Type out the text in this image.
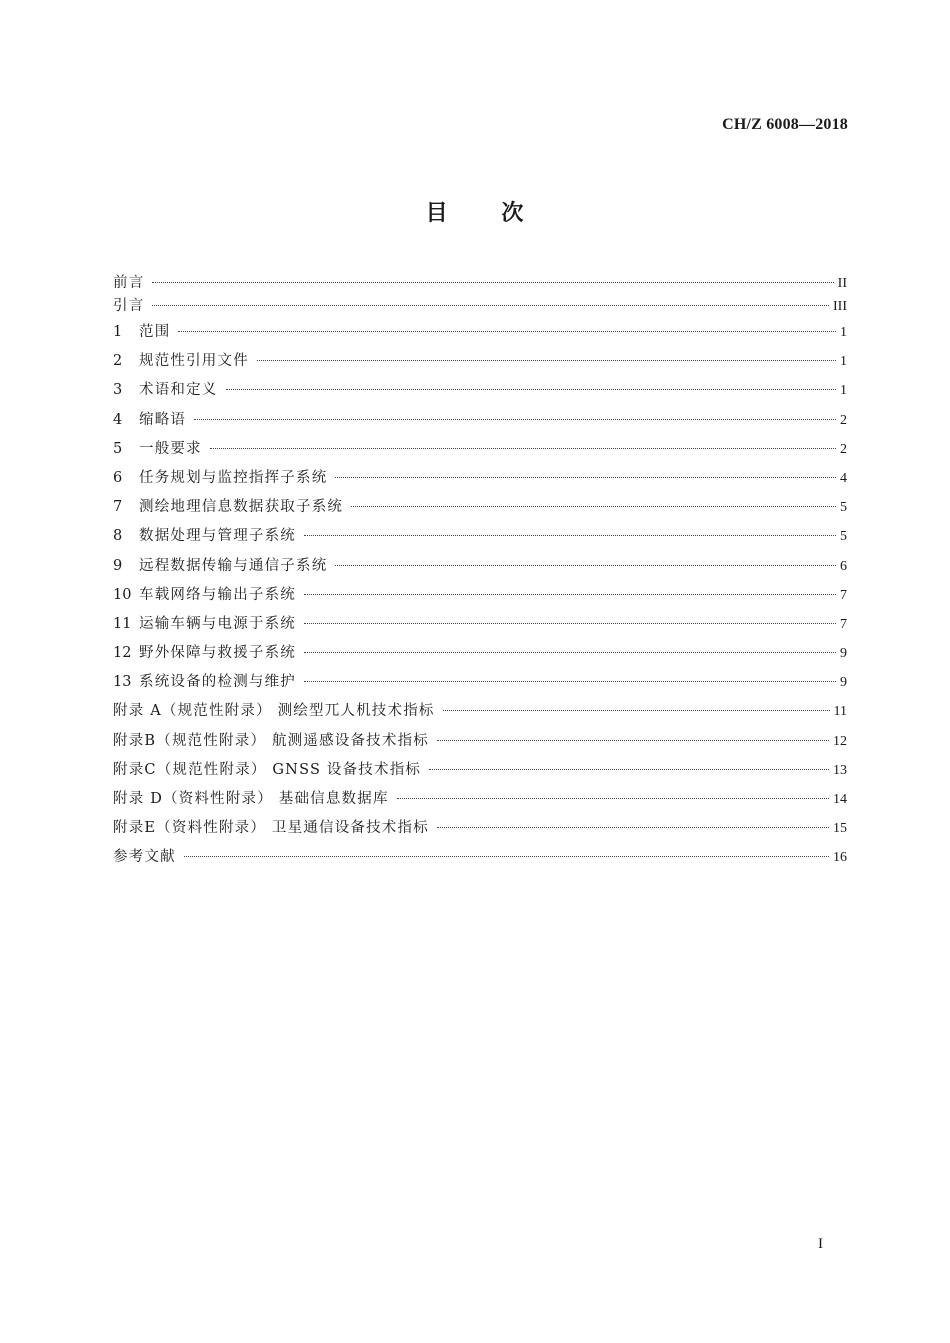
CH/Z 6008—2018
目 次
前言	II
引言	III
1	范围	1
2	规范性引用文件	1
3	术语和定义	1
4	缩略语	2
5	一般要求	2
6	任务规划与监控指挥子系统	4
7	测绘地理信息数据获取子系统	5
8	数据处理与管理子系统	5
9	远程数据传输与通信子系统	6
10 车载网络与输出子系统	7
11 运输车辆与电源于系统	7
12 野外保障与救援子系统	9
13 系统设备的检测与维护	9
附录 A（规范性附录） 测绘型兀人机技术指标	11
附录B（规范性附录） 航测遥感设备技术指标	12
附录C（规范性附录） GNSS 设备技术指标	13
附录 D（资料性附录） 基础信息数据库	14
附录E（资料性附录） 卫星通信设备技术指标	15
参考文献	16
I
